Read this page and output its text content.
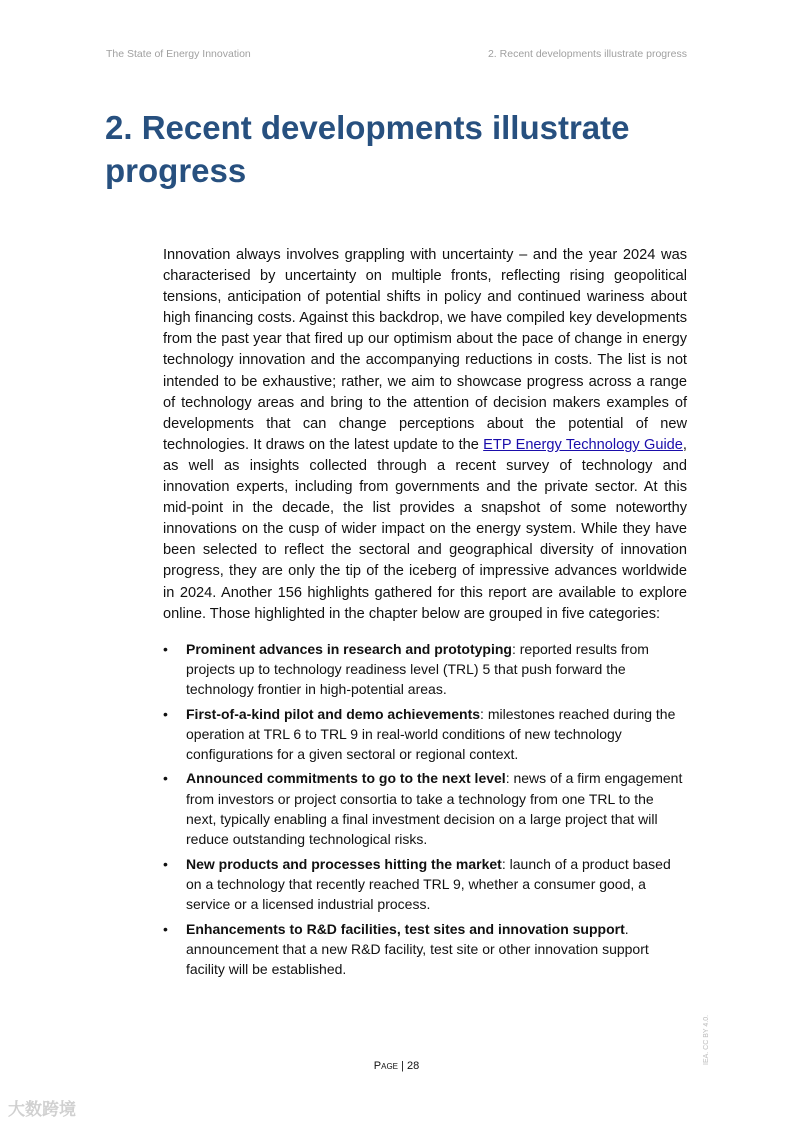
The State of Energy Innovation	2. Recent developments illustrate progress
2. Recent developments illustrate progress

Innovation always involves grappling with uncertainty – and the year 2024 was characterised by uncertainty on multiple fronts, reflecting rising geopolitical tensions, anticipation of potential shifts in policy and continued wariness about high financing costs. Against this backdrop, we have compiled key developments from the past year that fired up our optimism about the pace of change in energy technology innovation and the accompanying reductions in costs. The list is not intended to be exhaustive; rather, we aim to showcase progress across a range of technology areas and bring to the attention of decision makers examples of developments that can change perceptions about the potential of new technologies. It draws on the latest update to the ETP Energy Technology Guide, as well as insights collected through a recent survey of technology and innovation experts, including from governments and the private sector. At this mid-point in the decade, the list provides a snapshot of some noteworthy innovations on the cusp of wider impact on the energy system. While they have been selected to reflect the sectoral and geographical diversity of innovation progress, they are only the tip of the iceberg of impressive advances worldwide in 2024. Another 156 highlights gathered for this report are available to explore online. Those highlighted in the chapter below are grouped in five categories:

• Prominent advances in research and prototyping: reported results from projects up to technology readiness level (TRL) 5 that push forward the technology frontier in high-potential areas.
• First-of-a-kind pilot and demo achievements: milestones reached during the operation at TRL 6 to TRL 9 in real-world conditions of new technology configurations for a given sectoral or regional context.
• Announced commitments to go to the next level: news of a firm engagement from investors or project consortia to take a technology from one TRL to the next, typically enabling a final investment decision on a large project that will reduce outstanding technological risks.
• New products and processes hitting the market: launch of a product based on a technology that recently reached TRL 9, whether a consumer good, a service or a licensed industrial process.
• Enhancements to R&D facilities, test sites and innovation support. announcement that a new R&D facility, test site or other innovation support facility will be established.
Page | 28
IEA. CC BY 4.0.
大数跨境
